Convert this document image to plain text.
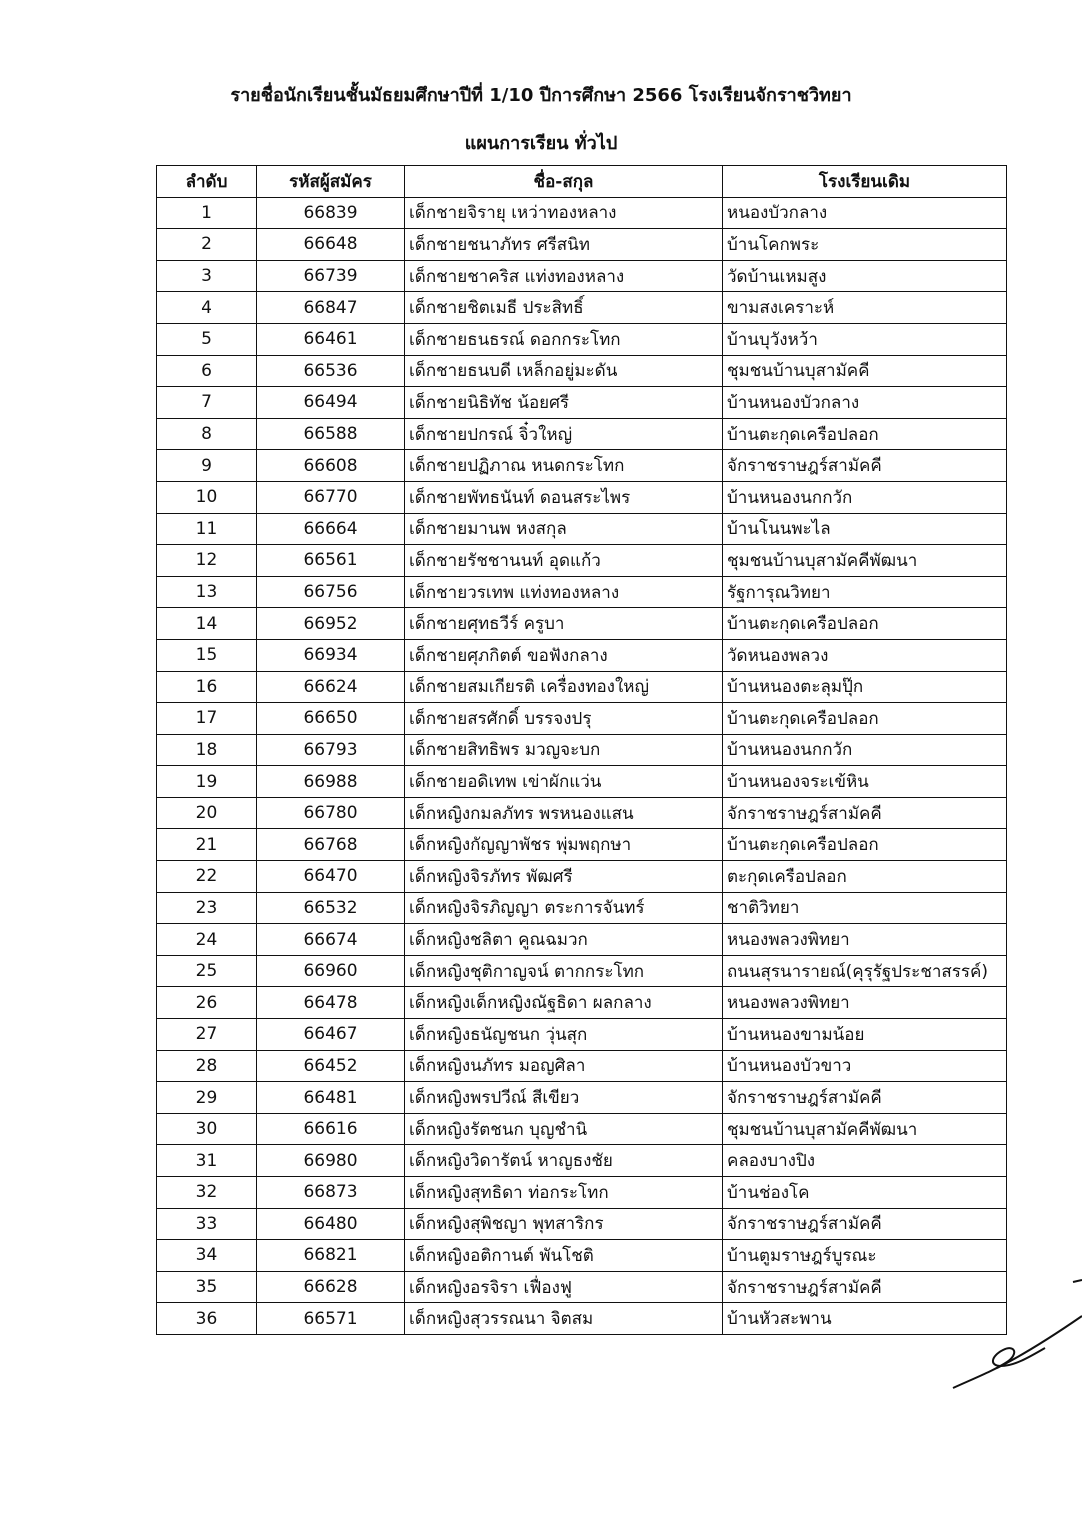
รายชื่อนักเรียนชั้นมัธยมศึกษาปีที่ 1/10 ปีการศึกษา 2566 โรงเรียนจักราชวิทยา
แผนการเรียน ทั่วไป
ลำดับ	รหัสผู้สมัคร	ชื่อ-สกุล	โรงเรียนเดิม
1	66839	เด็กชายจิรายุ เหว่าทองหลาง	หนองบัวกลาง
2	66648	เด็กชายชนาภัทร ศรีสนิท	บ้านโคกพระ
3	66739	เด็กชายชาคริส แท่งทองหลาง	วัดบ้านเหมสูง
4	66847	เด็กชายชิตเมธี ประสิทธิ์	ขามสงเคราะห์
5	66461	เด็กชายธนธรณ์ ดอกกระโทก	บ้านบุวังหว้า
6	66536	เด็กชายธนบดี เหล็กอยู่มะดัน	ชุมชนบ้านบุสามัคคี
7	66494	เด็กชายนิธิทัช น้อยศรี	บ้านหนองบัวกลาง
8	66588	เด็กชายปกรณ์ จิ๋วใหญ่	บ้านตะกุดเครือปลอก
9	66608	เด็กชายปฏิภาณ หนดกระโทก	จักราชราษฎร์สามัคคี
10	66770	เด็กชายพัทธนันท์ ดอนสระไพร	บ้านหนองนกกวัก
11	66664	เด็กชายมานพ หงสกุล	บ้านโนนพะไล
12	66561	เด็กชายรัชชานนท์ อุดแก้ว	ชุมชนบ้านบุสามัคคีพัฒนา
13	66756	เด็กชายวรเทพ แท่งทองหลาง	รัฐการุณวิทยา
14	66952	เด็กชายศุทธวีร์ ครูบา	บ้านตะกุดเครือปลอก
15	66934	เด็กชายศุภกิตต์ ขอฟังกลาง	วัดหนองพลวง
16	66624	เด็กชายสมเกียรติ เครื่องทองใหญ่	บ้านหนองตะลุมปุ๊ก
17	66650	เด็กชายสรศักดิ์ บรรจงปรุ	บ้านตะกุดเครือปลอก
18	66793	เด็กชายสิทธิพร มวญจะบก	บ้านหนองนกกวัก
19	66988	เด็กชายอดิเทพ เข่าผักแว่น	บ้านหนองจระเข้หิน
20	66780	เด็กหญิงกมลภัทร พรหนองแสน	จักราชราษฎร์สามัคคี
21	66768	เด็กหญิงกัญญาพัชร พุ่มพฤกษา	บ้านตะกุดเครือปลอก
22	66470	เด็กหญิงจิรภัทร พัฒศรี	ตะกุดเครือปลอก
23	66532	เด็กหญิงจิรภิญญา ตระการจันทร์	ชาติวิทยา
24	66674	เด็กหญิงชลิตา คูณฉมวก	หนองพลวงพิทยา
25	66960	เด็กหญิงชุติกาญจน์ ตากกระโทก	ถนนสุรนารายณ์(คุรุรัฐประชาสรรค์)
26	66478	เด็กหญิงเด็กหญิงณัฐธิดา ผลกลาง	หนองพลวงพิทยา
27	66467	เด็กหญิงธนัญชนก วุ่นสุก	บ้านหนองขามน้อย
28	66452	เด็กหญิงนภัทร มอญศิลา	บ้านหนองบัวขาว
29	66481	เด็กหญิงพรปวีณ์ สีเขียว	จักราชราษฎร์สามัคคี
30	66616	เด็กหญิงรัตชนก บุญชำนิ	ชุมชนบ้านบุสามัคคีพัฒนา
31	66980	เด็กหญิงวิดารัตน์ หาญธงชัย	คลองบางปิง
32	66873	เด็กหญิงสุทธิดา ท่อกระโทก	บ้านช่องโค
33	66480	เด็กหญิงสุพิชญา พุทสาริกร	จักราชราษฎร์สามัคคี
34	66821	เด็กหญิงอติกานต์ พันโชติ	บ้านตูมราษฎร์บูรณะ
35	66628	เด็กหญิงอรจิรา เฟื่องฟู	จักราชราษฎร์สามัคคี
36	66571	เด็กหญิงสุวรรณนา จิตสม	บ้านหัวสะพาน
